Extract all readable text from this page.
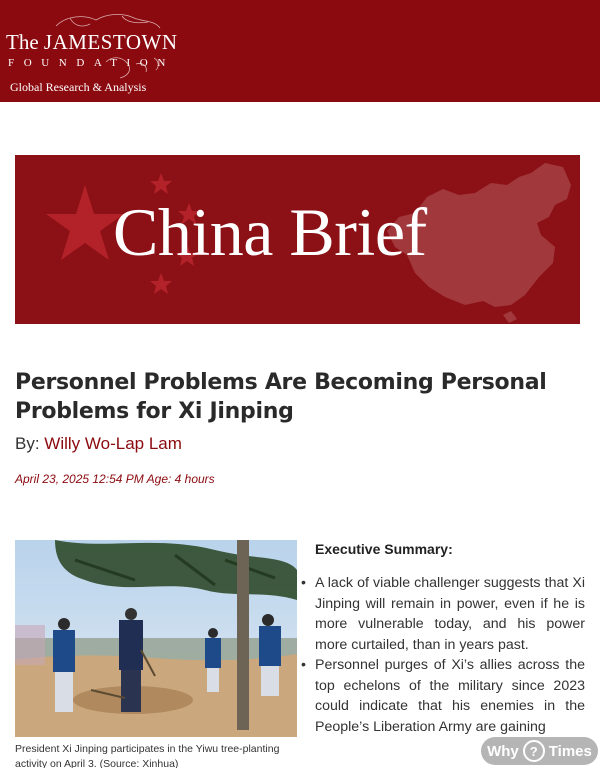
The JAMESTOWN
FOUNDATION
Global Research & Analysis
China Brief
Personnel Problems Are Becoming Personal Problems for Xi Jinping
By: Willy Wo-Lap Lam
April 23, 2025 12:54 PM Age: 4 hours
President Xi Jinping participates in the Yiwu tree-planting activity on April 3. (Source: Xinhua)
Executive Summary:
• A lack of viable challenger suggests that Xi Jinping will remain in power, even if he is more vulnerable today, and his power more curtailed, than in years past.
• Personnel purges of Xi’s allies across the top echelons of the military since 2023 could indicate that his enemies in the People’s Liberation Army are gaining
Why ? Times
